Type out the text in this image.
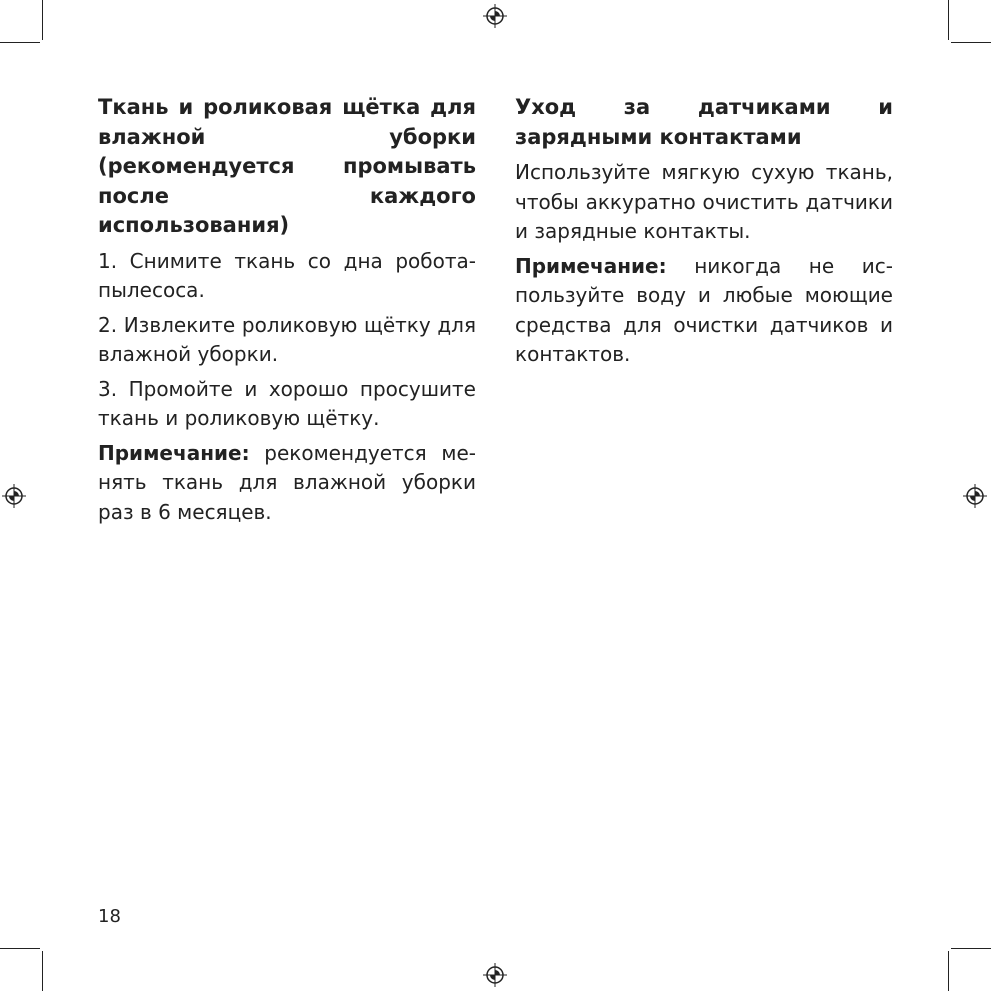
Ткань и роликовая щётка для влажной уборки (рекомендуется промывать после каждого использования)
1. Снимите ткань со дна робота-пылесоса.
2. Извлеките роликовую щётку для влажной уборки.
3. Промойте и хорошо просушите ткань и роликовую щётку.
Примечание: рекомендуется менять ткань для влажной уборки раз в 6 месяцев.
Уход за датчиками и зарядными контактами
Используйте мягкую сухую ткань, чтобы аккуратно очистить датчики и зарядные контакты.
Примечание: никогда не используйте воду и любые моющие средства для очистки датчиков и контактов.
18
